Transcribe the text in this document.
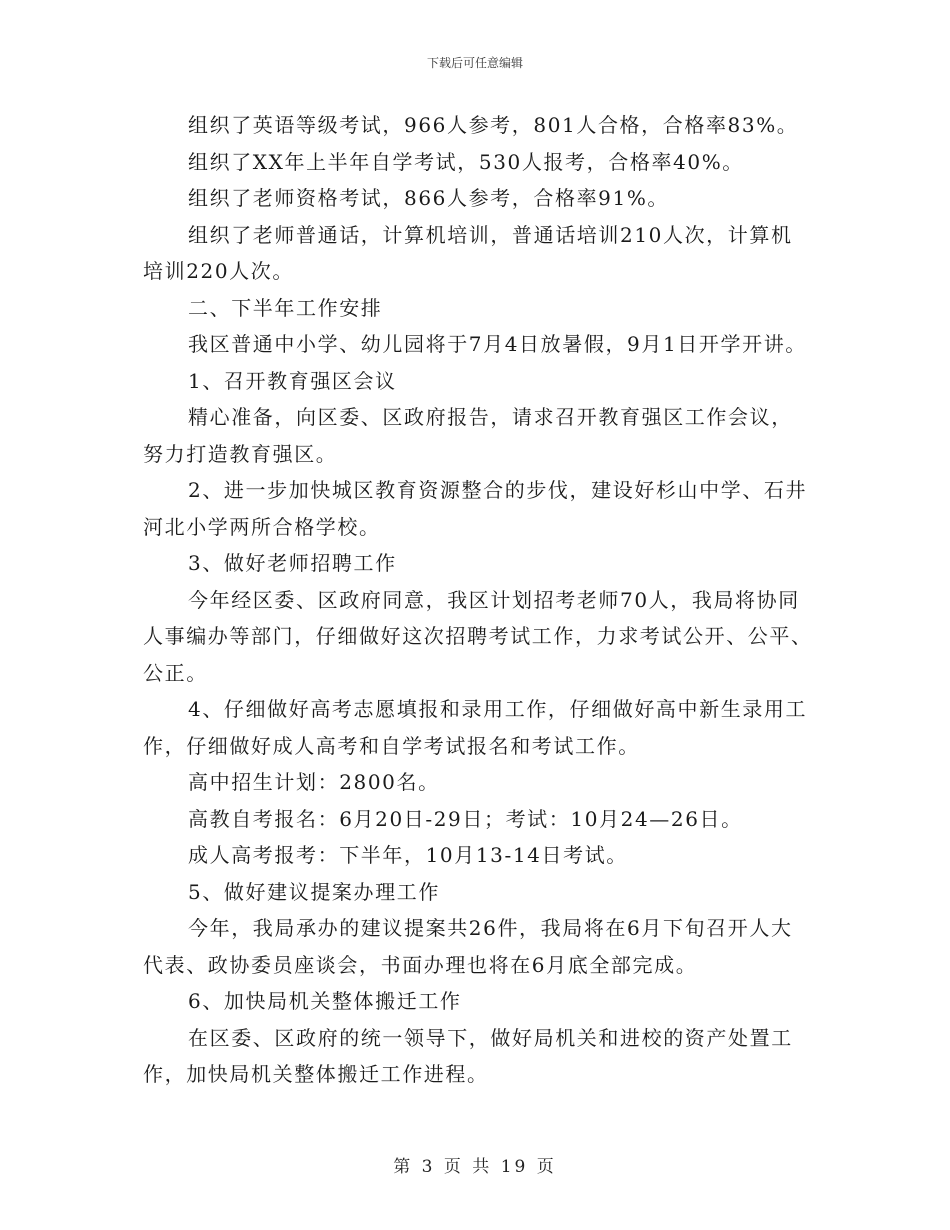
下载后可任意编辑

组织了英语等级考试，966人参考，801人合格，合格率83%。

组织了XX年上半年自学考试，530人报考，合格率40%。

组织了老师资格考试，866人参考，合格率91%。

组织了老师普通话，计算机培训，普通话培训210人次，计算机

培训220人次。

二、下半年工作安排

我区普通中小学、幼儿园将于7月4日放暑假，9月1日开学开讲。

1、召开教育强区会议

精心准备，向区委、区政府报告，请求召开教育强区工作会议，

努力打造教育强区。

2、进一步加快城区教育资源整合的步伐，建设好杉山中学、石井

河北小学两所合格学校。

3、做好老师招聘工作

今年经区委、区政府同意，我区计划招考老师70人，我局将协同

人事编办等部门，仔细做好这次招聘考试工作，力求考试公开、公平、

公正。

4、仔细做好高考志愿填报和录用工作，仔细做好高中新生录用工

作，仔细做好成人高考和自学考试报名和考试工作。

高中招生计划：2800名。

高教自考报名：6月20日-29日；考试：10月24—26日。

成人高考报考：下半年，10月13-14日考试。

5、做好建议提案办理工作

今年，我局承办的建议提案共26件，我局将在6月下旬召开人大

代表、政协委员座谈会，书面办理也将在6月底全部完成。

6、加快局机关整体搬迁工作

在区委、区政府的统一领导下，做好局机关和进校的资产处置工

作，加快局机关整体搬迁工作进程。

第 3 页 共 19 页
